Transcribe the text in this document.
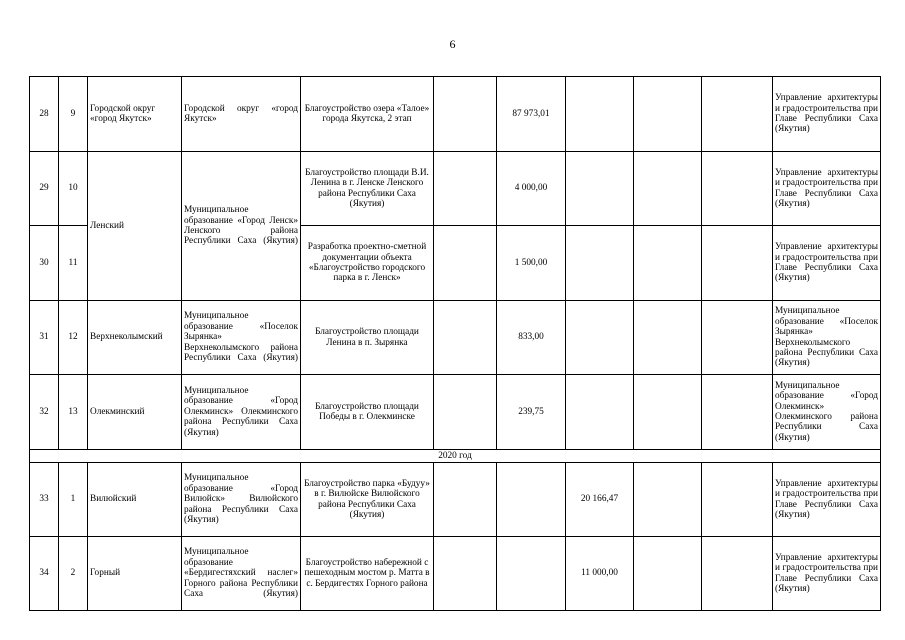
6
28	9	Городской округ «город Якутск»	Городской округ «город Якутск»	Благоустройство озера «Талое» города Якутска, 2 этап		87 973,01				Управление архитектуры и градостроительства при Главе Республики Саха (Якутия)
29	10	Ленский	Муниципальное образование «Город Ленск» Ленского района Республики Саха (Якутия)	Благоустройство площади В.И. Ленина в г. Ленске Ленского района Республики Саха (Якутия)		4 000,00				Управление архитектуры и градостроительства при Главе Республики Саха (Якутия)
30	11			Разработка проектно-сметной документации объекта «Благоустройство городского парка в г. Ленск»		1 500,00				Управление архитектуры и градостроительства при Главе Республики Саха (Якутия)
31	12	Верхнеколымский	Муниципальное образование «Поселок Зырянка» Верхнеколымского района Республики Саха (Якутия)	Благоустройство площади Ленина в п. Зырянка		833,00				Муниципальное образование «Поселок Зырянка» Верхнеколымского района Республики Саха (Якутия)
32	13	Олекминский	Муниципальное образование «Город Олекминск» Олекминского района Республики Саха (Якутия)	Благоустройство площади Победы в г. Олекминске		239,75				Муниципальное образование «Город Олекминск» Олекминского района Республики Саха (Якутия)
2020 год										
33	1	Вилюйский	Муниципальное образование «Город Вилюйск» Вилюйского района Республики Саха (Якутия)	Благоустройство парка «Будуу» в г. Вилюйске Вилюйского района Республики Саха (Якутия)			20 166,47			Управление архитектуры и градостроительства при Главе Республики Саха (Якутия)
34	2	Горный	Муниципальное образование «Бердигестяхский наслег» Горного района Республики Саха (Якутия)	Благоустройство набережной с пешеходным мостом р. Матта в с. Бердигестях Горного района			11 000,00			Управление архитектуры и градостроительства при Главе Республики Саха (Якутия)
